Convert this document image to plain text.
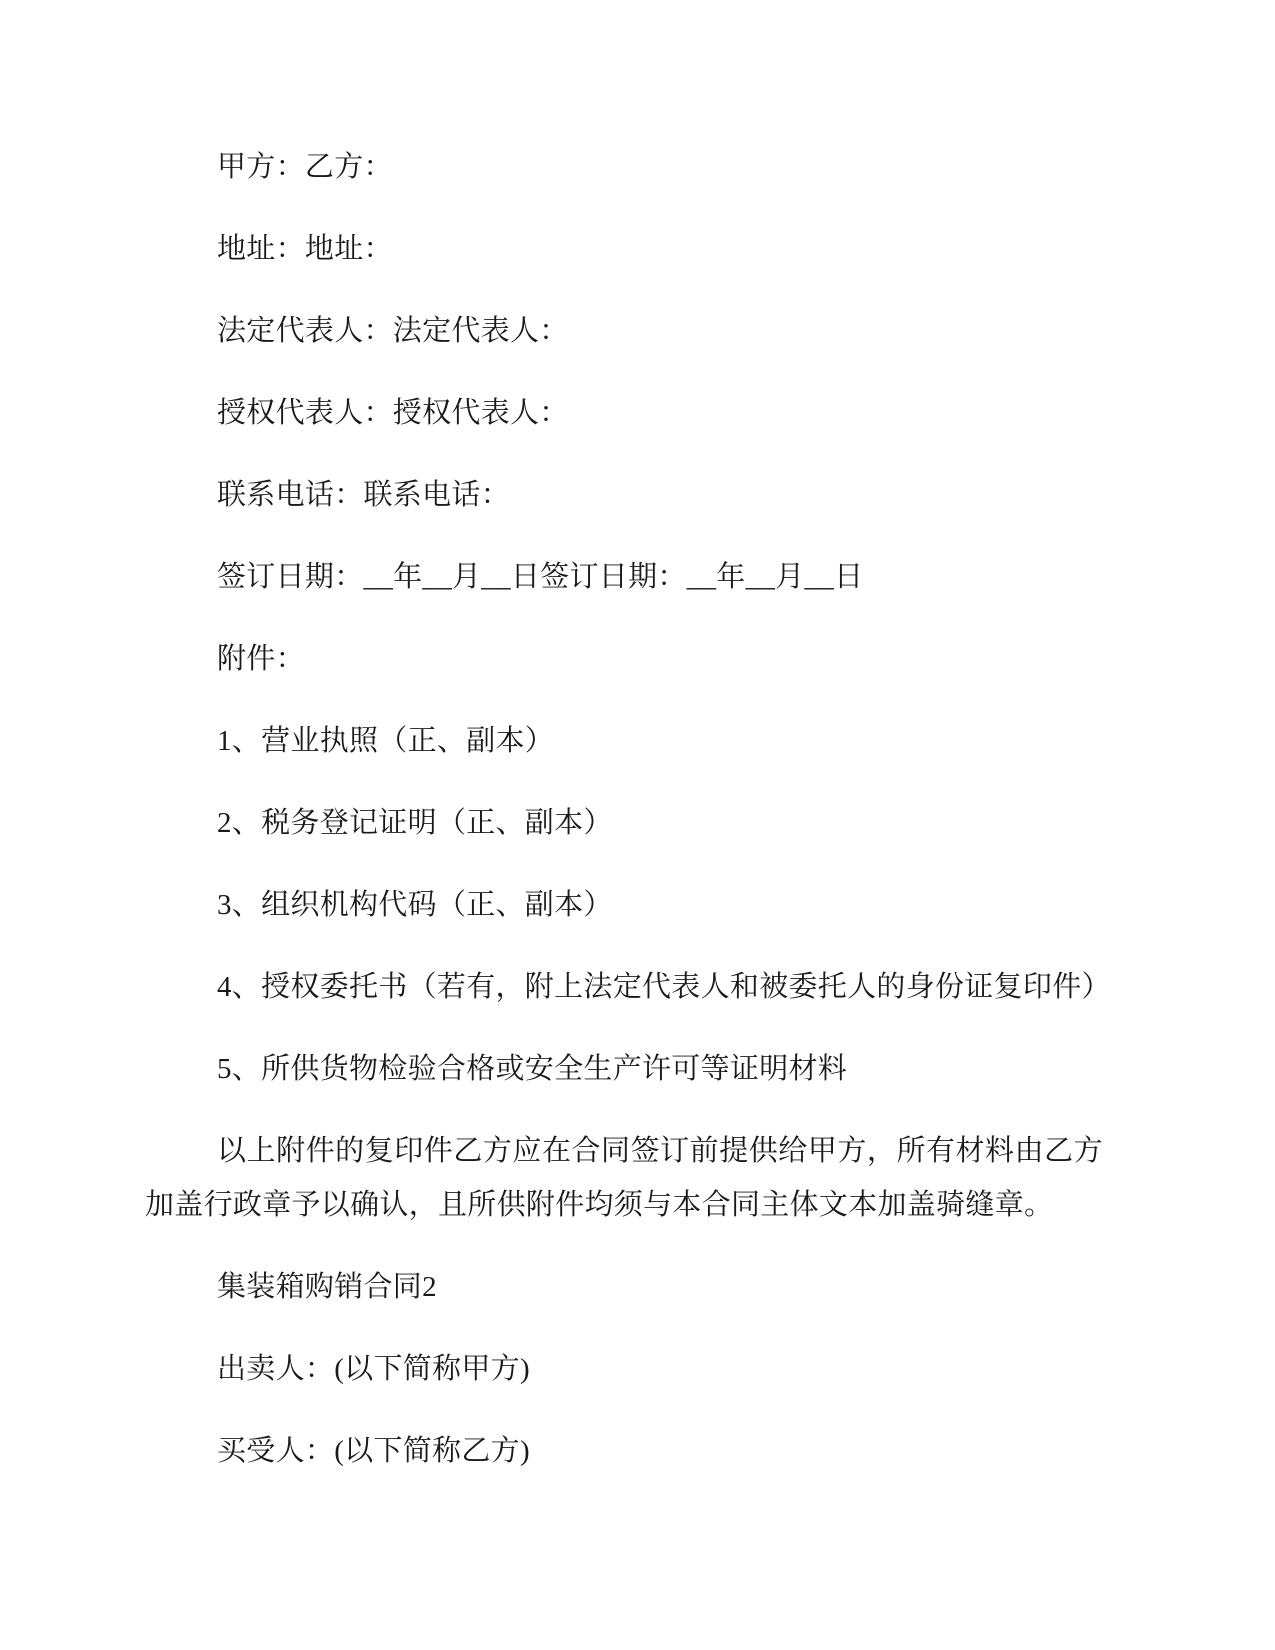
甲方：乙方：

地址：地址：

法定代表人：法定代表人：

授权代表人：授权代表人：

联系电话：联系电话：

签订日期：__年__月__日签订日期：__年__月__日

附件：

1、营业执照（正、副本）

2、税务登记证明（正、副本）

3、组织机构代码（正、副本）

4、授权委托书（若有，附上法定代表人和被委托人的身份证复印件）

5、所供货物检验合格或安全生产许可等证明材料

以上附件的复印件乙方应在合同签订前提供给甲方，所有材料由乙方加盖行政章予以确认，且所供附件均须与本合同主体文本加盖骑缝章。

集装箱购销合同2

出卖人：(以下简称甲方)

买受人：(以下简称乙方)
